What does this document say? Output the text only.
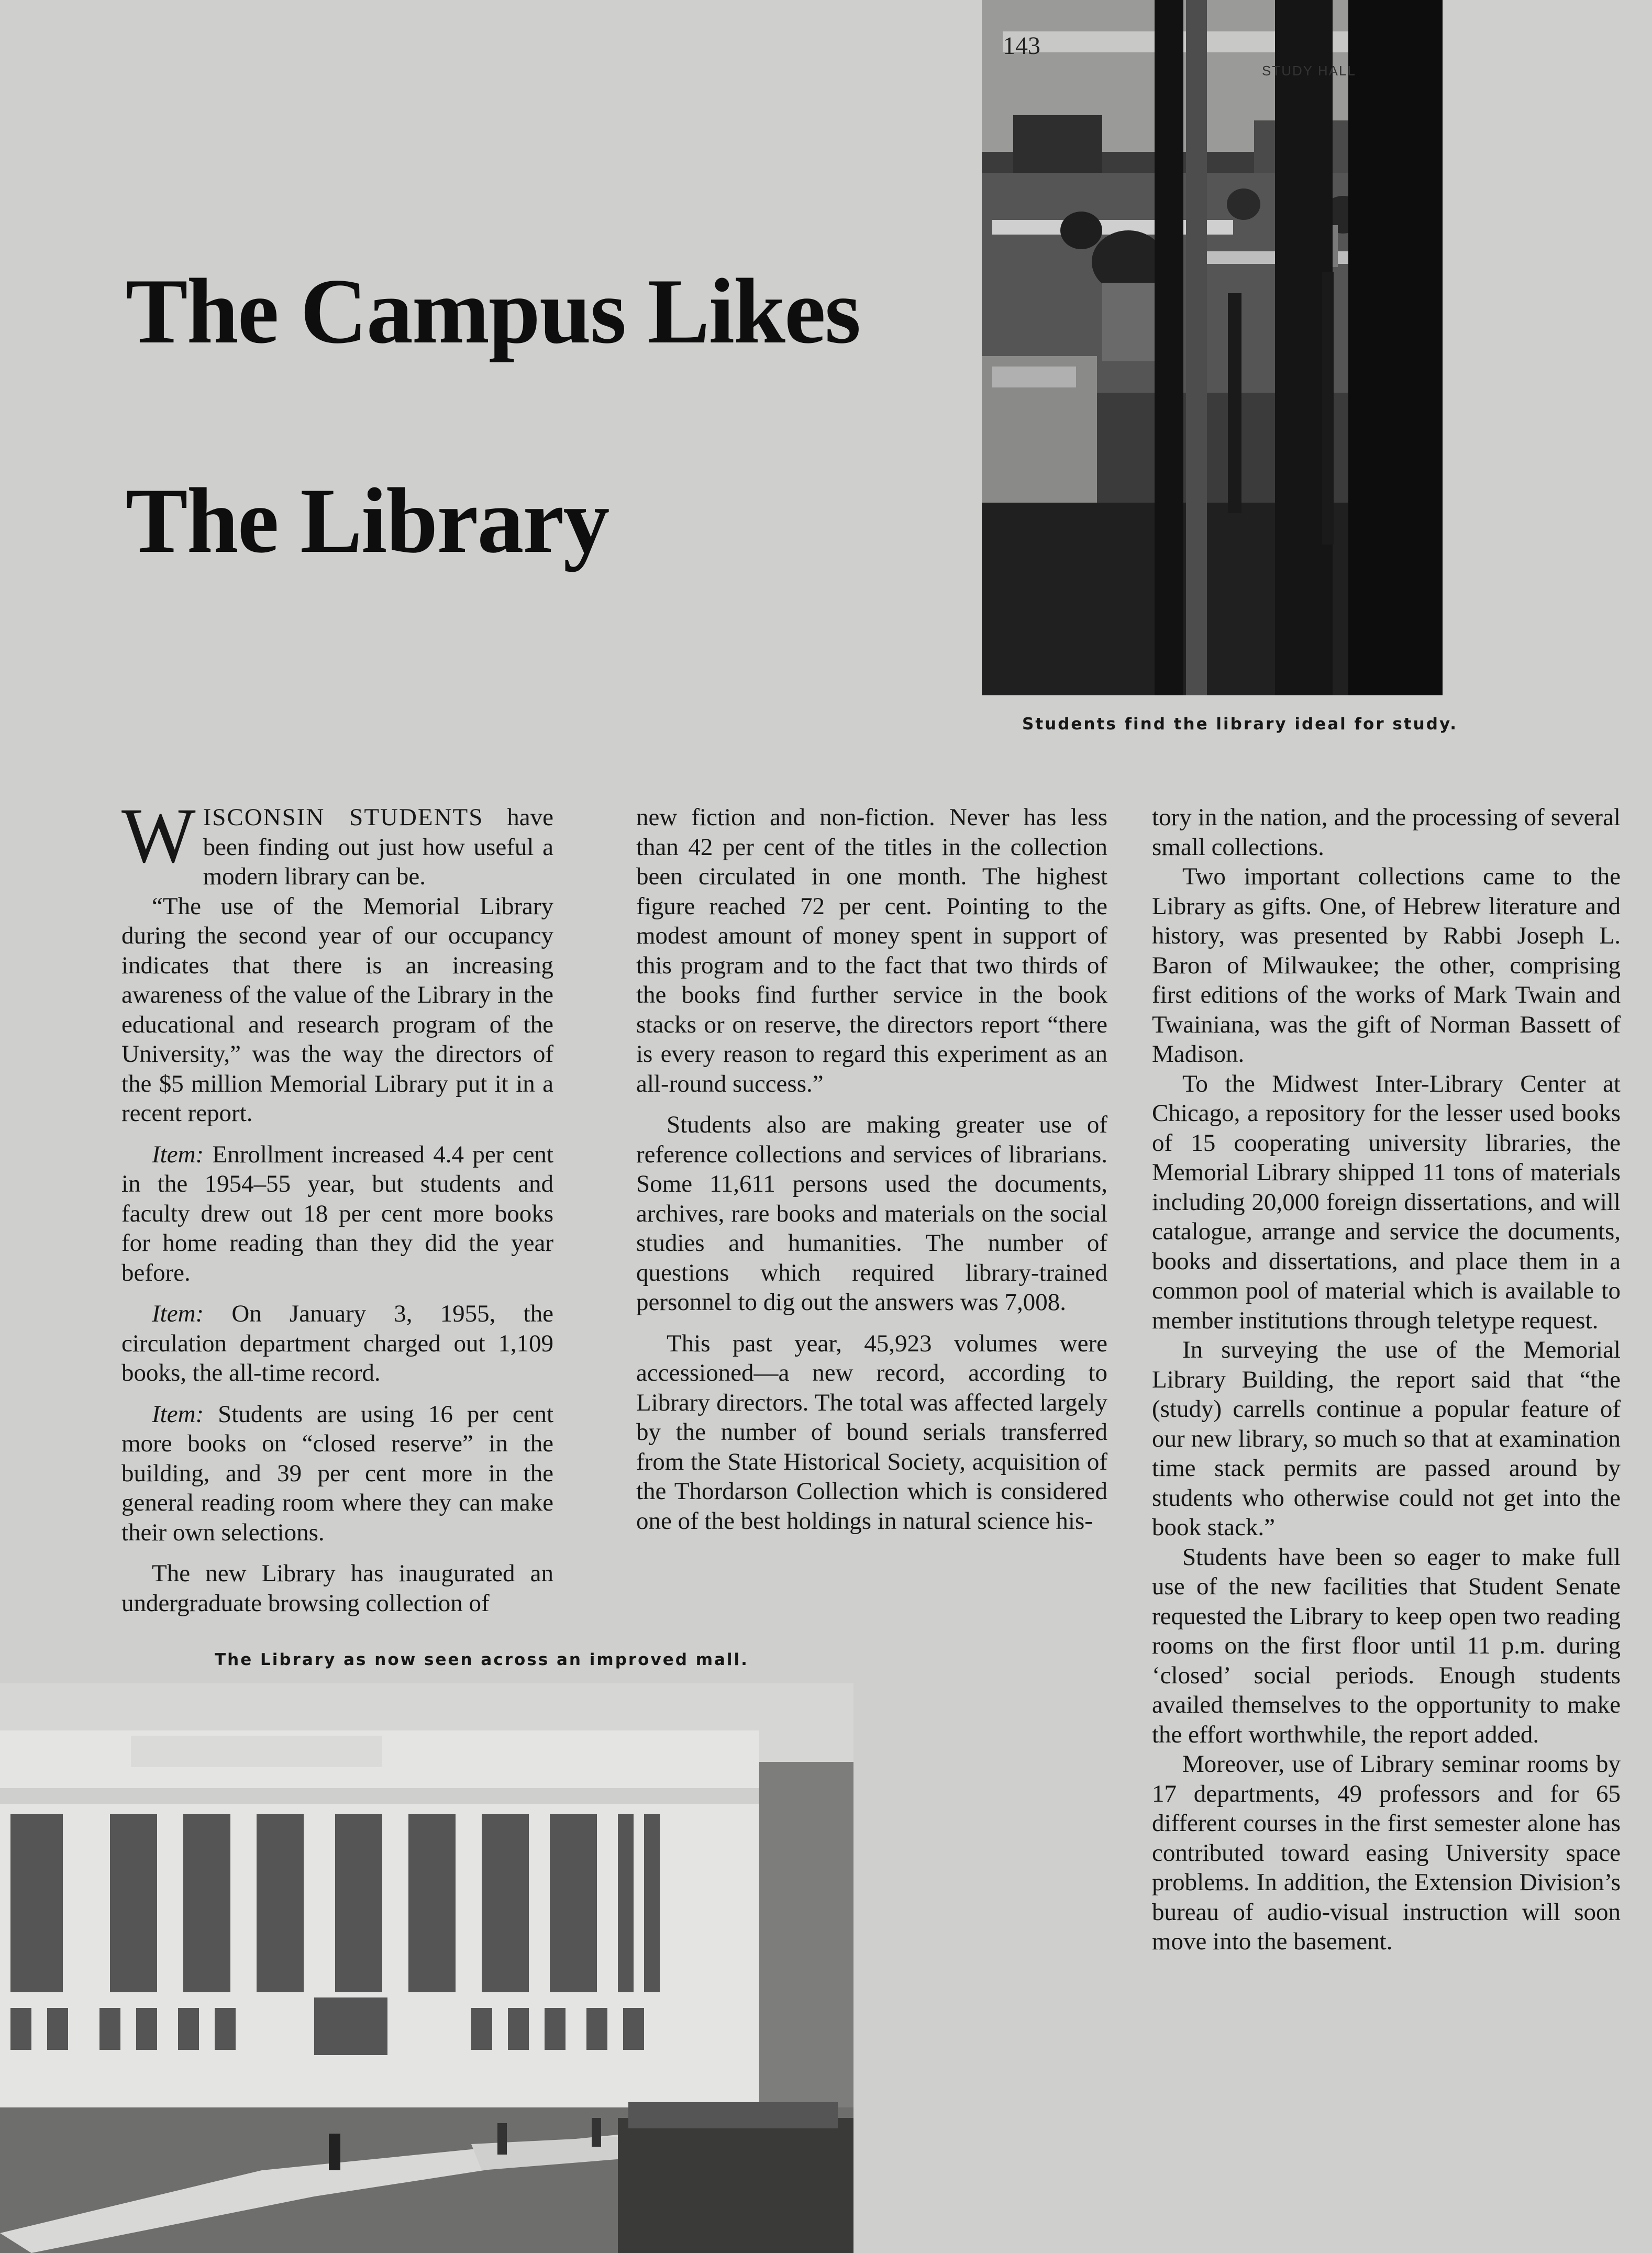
The Campus Likes
The Library
143
STUDY HALL
Students find the library ideal for study.

WISCONSIN STUDENTS have been finding out just how useful a modern library can be.

“The use of the Memorial Library during the second year of our occupancy indicates that there is an increasing awareness of the value of the Library in the educational and research program of the University,” was the way the directors of the $5 million Memorial Library put it in a recent report.

Item: Enrollment increased 4.4 per cent in the 1954–55 year, but students and faculty drew out 18 per cent more books for home reading than they did the year before.

Item: On January 3, 1955, the circulation department charged out 1,109 books, the all-time record.

Item: Students are using 16 per cent more books on “closed reserve” in the building, and 39 per cent more in the general reading room where they can make their own selections.

The new Library has inaugurated an undergraduate browsing collection of

new fiction and non-fiction. Never has less than 42 per cent of the titles in the collection been circulated in one month. The highest figure reached 72 per cent. Pointing to the modest amount of money spent in support of this program and to the fact that two thirds of the books find further service in the book stacks or on reserve, the directors report “there is every reason to regard this experiment as an all-round success.”

Students also are making greater use of reference collections and services of librarians. Some 11,611 persons used the documents, archives, rare books and materials on the social studies and humanities. The number of questions which required library-trained personnel to dig out the answers was 7,008.

This past year, 45,923 volumes were accessioned—a new record, according to Library directors. The total was affected largely by the number of bound serials transferred from the State Historical Society, acquisition of the Thordarson Collection which is considered one of the best holdings in natural science his-

tory in the nation, and the processing of several small collections.

Two important collections came to the Library as gifts. One, of Hebrew literature and history, was presented by Rabbi Joseph L. Baron of Milwaukee; the other, comprising first editions of the works of Mark Twain and Twainiana, was the gift of Norman Bassett of Madison.

To the Midwest Inter-Library Center at Chicago, a repository for the lesser used books of 15 cooperating university libraries, the Memorial Library shipped 11 tons of materials including 20,000 foreign dissertations, and will catalogue, arrange and service the documents, books and dissertations, and place them in a common pool of material which is available to member institutions through teletype request.

In surveying the use of the Memorial Library Building, the report said that “the (study) carrells continue a popular feature of our new library, so much so that at examination time stack permits are passed around by students who otherwise could not get into the book stack.”

Students have been so eager to make full use of the new facilities that Student Senate requested the Library to keep open two reading rooms on the first floor until 11 p.m. during ‘closed’ social periods. Enough students availed themselves to the opportunity to make the effort worthwhile, the report added.

Moreover, use of Library seminar rooms by 17 departments, 49 professors and for 65 different courses in the first semester alone has contributed toward easing University space problems. In addition, the Extension Division’s bureau of audio-visual instruction will soon move into the basement.

The Library as now seen across an improved mall.
